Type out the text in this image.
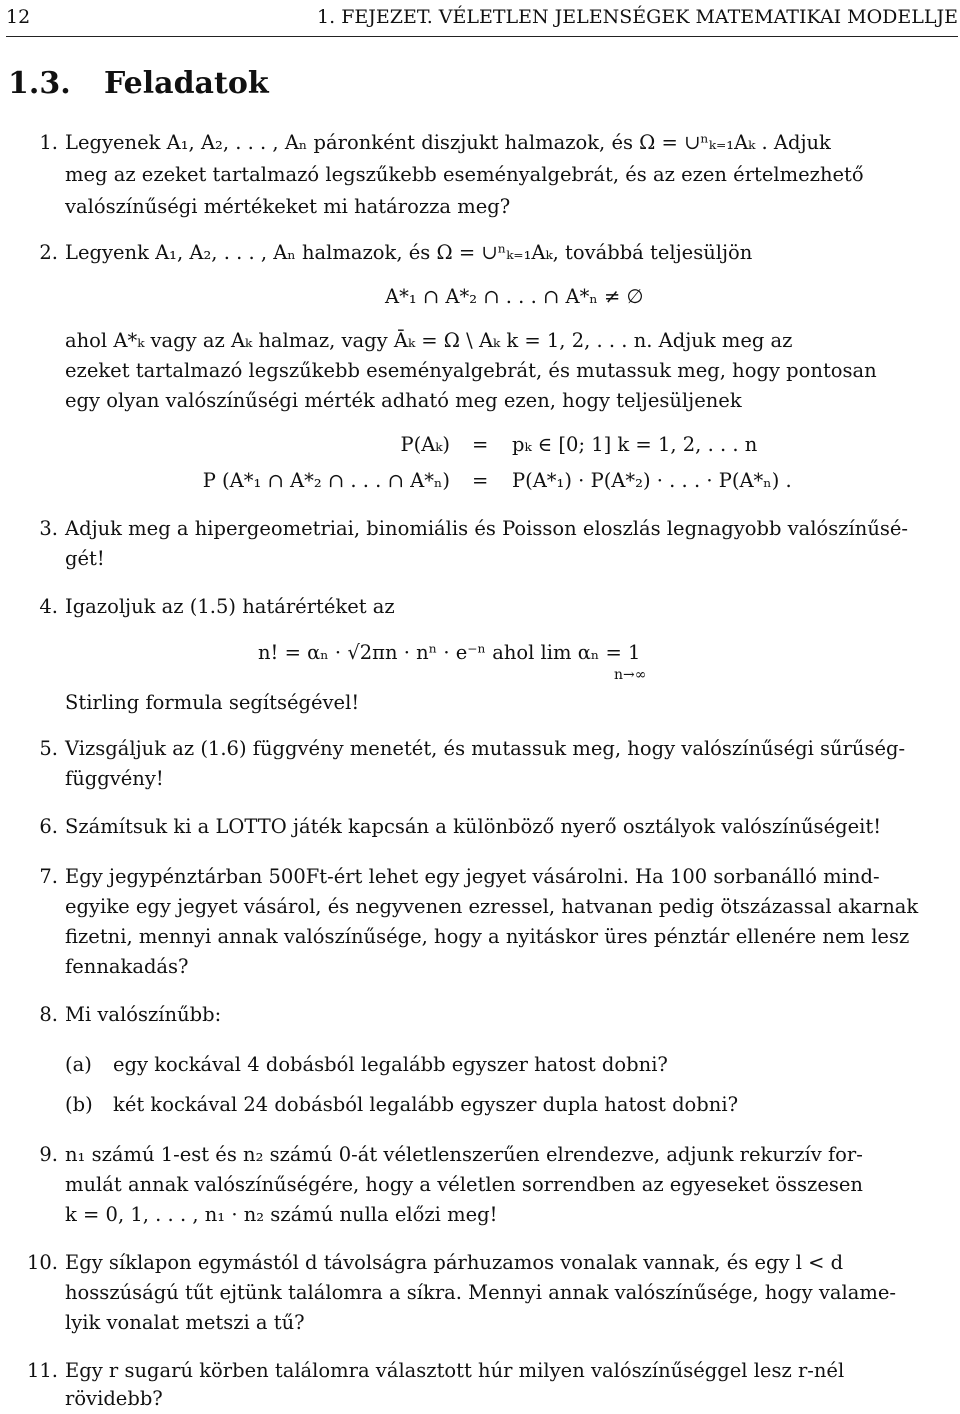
12	1. FEJEZET. VÉLETLEN JELENSÉGEK MATEMATIKAI MODELLJE
1.3. Feladatok
1. Legyenek A₁, A₂, . . . , Aₙ páronként diszjukt halmazok, és Ω = ∪ⁿₖ₌₁Aₖ . Adjuk
meg az ezeket tartalmazó legszűkebb eseményalgebrát, és az ezen értelmezhető
valószínűségi mértékeket mi határozza meg?
2. Legyenk A₁, A₂, . . . , Aₙ halmazok, és Ω = ∪ⁿₖ₌₁Aₖ, továbbá teljesüljön
A*₁ ∩ A*₂ ∩ . . . ∩ A*ₙ ≠ ∅
ahol A*ₖ vagy az Aₖ halmaz, vagy Āₖ = Ω \ Aₖ k = 1, 2, . . . n. Adjuk meg az
ezeket tartalmazó legszűkebb eseményalgebrát, és mutassuk meg, hogy pontosan
egy olyan valószínűségi mérték adható meg ezen, hogy teljesüljenek
P(Aₖ) = pₖ ∈ [0; 1] k = 1, 2, . . . n
P (A*₁ ∩ A*₂ ∩ . . . ∩ A*ₙ) = P(A*₁) · P(A*₂) · . . . · P(A*ₙ) .
3. Adjuk meg a hipergeometriai, binomiális és Poisson eloszlás legnagyobb valószínűsé-
gét!
4. Igazoljuk az (1.5) határértéket az
n! = αₙ · √2πn · nⁿ · e⁻ⁿ ahol lim αₙ = 1
n→∞
Stirling formula segítségével!
5. Vizsgáljuk az (1.6) függvény menetét, és mutassuk meg, hogy valószínűségi sűrűség-
függvény!
6. Számítsuk ki a LOTTO játék kapcsán a különböző nyerő osztályok valószínűségeit!
7. Egy jegypénztárban 500Ft-ért lehet egy jegyet vásárolni. Ha 100 sorbanálló mind-
egyike egy jegyet vásárol, és negyvenen ezressel, hatvanan pedig ötszázassal akarnak
fizetni, mennyi annak valószínűsége, hogy a nyitáskor üres pénztár ellenére nem lesz
fennakadás?
8. Mi valószínűbb:
(a) egy kockával 4 dobásból legalább egyszer hatost dobni?
(b) két kockával 24 dobásból legalább egyszer dupla hatost dobni?
9. n₁ számú 1-est és n₂ számú 0-át véletlenszerűen elrendezve, adjunk rekurzív for-
mulát annak valószínűségére, hogy a véletlen sorrendben az egyeseket összesen
k = 0, 1, . . . , n₁ · n₂ számú nulla előzi meg!
10. Egy síklapon egymástól d távolságra párhuzamos vonalak vannak, és egy l < d
hosszúságú tűt ejtünk találomra a síkra. Mennyi annak valószínűsége, hogy valame-
lyik vonalat metszi a tű?
11. Egy r sugarú körben találomra választott húr milyen valószínűséggel lesz r-nél
rövidebb?
